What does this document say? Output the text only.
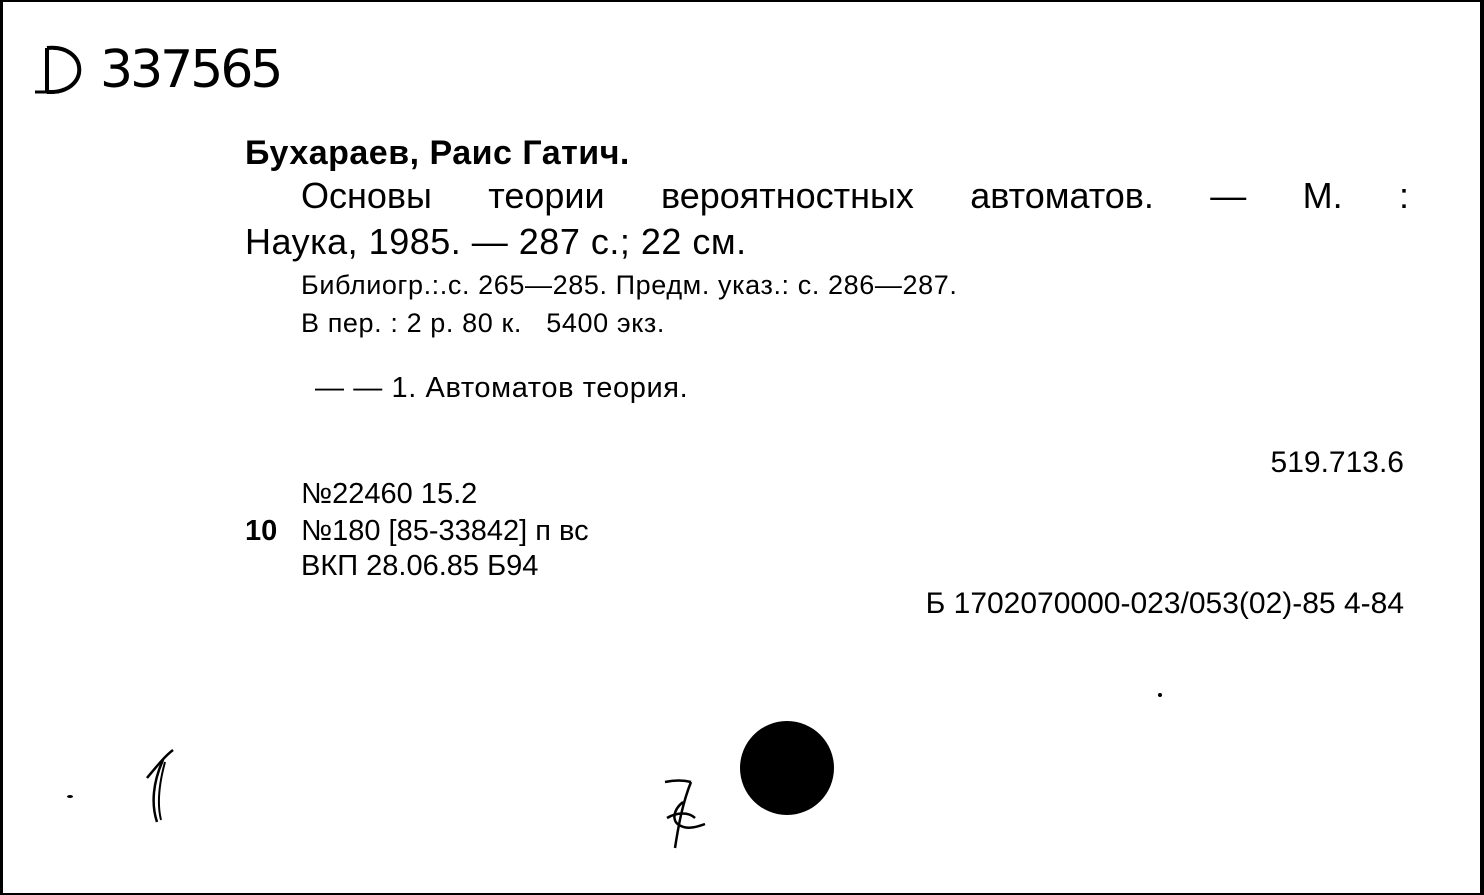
337565
Бухараев, Раис Гатич.
Основы теории вероятностных автоматов. — М. :
Наука, 1985. — 287 с.; 22 см.
Библиогр.:.с. 265—285. Предм. указ.: с. 286—287.
В пер. : 2 р. 80 к.   5400 экз.
— — 1. Автоматов теория.
519.713.6
№22460 15.2
10 №180 [85-33842] п вс
ВКП 28.06.85 Б94
Б 1702070000-023/053(02)-85 4-84
